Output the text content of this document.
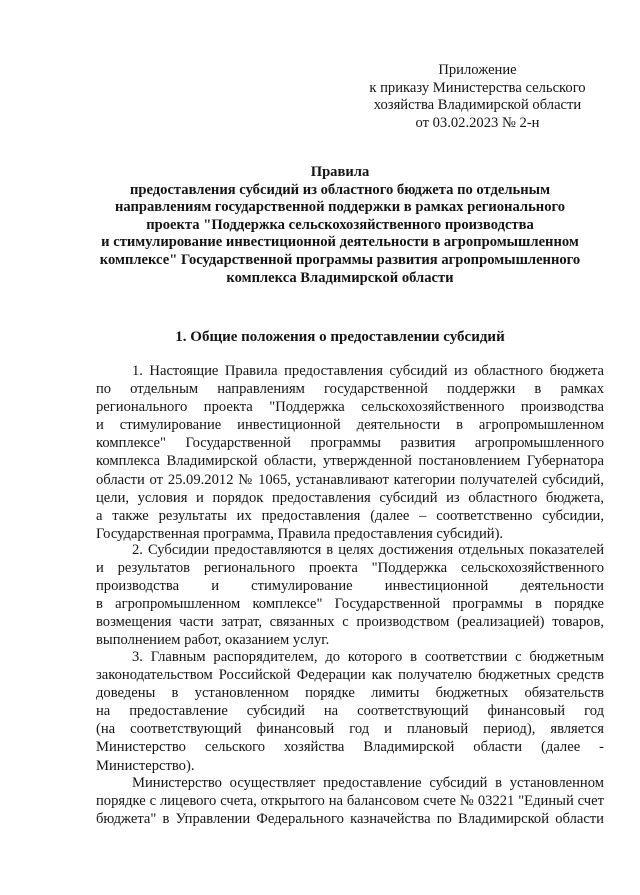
Приложение
к приказу Министерства сельского
хозяйства Владимирской области
от 03.02.2023 № 2-н
Правила
предоставления субсидий из областного бюджета по отдельным
направлениям государственной поддержки в рамках регионального
проекта "Поддержка сельскохозяйственного производства
и стимулирование инвестиционной деятельности в агропромышленном
комплексе" Государственной программы развития агропромышленного
комплекса Владимирской области
1. Общие положения о предоставлении субсидий
1. Настоящие Правила предоставления субсидий из областного бюджета
по отдельным направлениям государственной поддержки в рамках
регионального проекта "Поддержка сельскохозяйственного производства
и стимулирование инвестиционной деятельности в агропромышленном
комплексе" Государственной программы развития агропромышленного
комплекса Владимирской области, утвержденной постановлением Губернатора
области от 25.09.2012 № 1065, устанавливают категории получателей субсидий,
цели, условия и порядок предоставления субсидий из областного бюджета,
а также результаты их предоставления (далее – соответственно субсидии,
Государственная программа, Правила предоставления субсидий).
2. Субсидии предоставляются в целях достижения отдельных показателей
и результатов регионального проекта "Поддержка сельскохозяйственного
производства и стимулирование инвестиционной деятельности
в агропромышленном комплексе" Государственной программы в порядке
возмещения части затрат, связанных с производством (реализацией) товаров,
выполнением работ, оказанием услуг.
3. Главным распорядителем, до которого в соответствии с бюджетным
законодательством Российской Федерации как получателю бюджетных средств
доведены в установленном порядке лимиты бюджетных обязательств
на предоставление субсидий на соответствующий финансовый год
(на соответствующий финансовый год и плановый период), является
Министерство сельского хозяйства Владимирской области (далее -
Министерство).
Министерство осуществляет предоставление субсидий в установленном
порядке с лицевого счета, открытого на балансовом счете № 03221 "Единый счет
бюджета" в Управлении Федерального казначейства по Владимирской области
